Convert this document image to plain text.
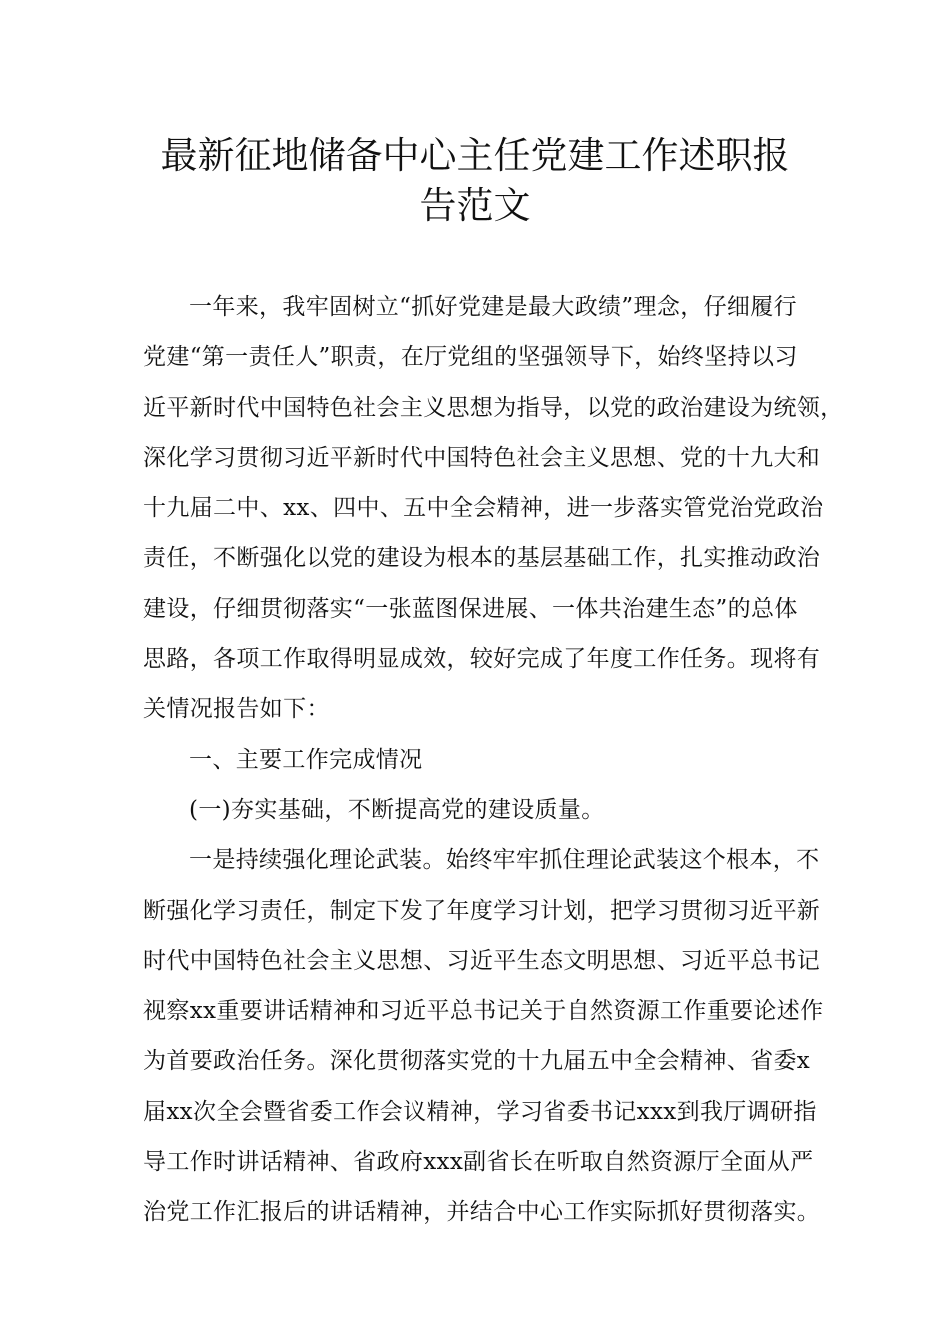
最新征地储备中心主任党建工作述职报
告范文
一年来，我牢固树立“抓好党建是最大政绩”理念，仔细履行
党建“第一责任人”职责，在厅党组的坚强领导下，始终坚持以习
近平新时代中国特色社会主义思想为指导，以党的政治建设为统领，
深化学习贯彻习近平新时代中国特色社会主义思想、党的十九大和
十九届二中、xx、四中、五中全会精神，进一步落实管党治党政治
责任，不断强化以党的建设为根本的基层基础工作，扎实推动政治
建设，仔细贯彻落实“一张蓝图保进展、一体共治建生态”的总体
思路，各项工作取得明显成效，较好完成了年度工作任务。现将有
关情况报告如下：
一、主要工作完成情况
(一)夯实基础，不断提高党的建设质量。
一是持续强化理论武装。始终牢牢抓住理论武装这个根本，不
断强化学习责任，制定下发了年度学习计划，把学习贯彻习近平新
时代中国特色社会主义思想、习近平生态文明思想、习近平总书记
视察xx重要讲话精神和习近平总书记关于自然资源工作重要论述作
为首要政治任务。深化贯彻落实党的十九届五中全会精神、省委x
届xx次全会暨省委工作会议精神，学习省委书记xxx到我厅调研指
导工作时讲话精神、省政府xxx副省长在听取自然资源厅全面从严
治党工作汇报后的讲话精神，并结合中心工作实际抓好贯彻落实。
